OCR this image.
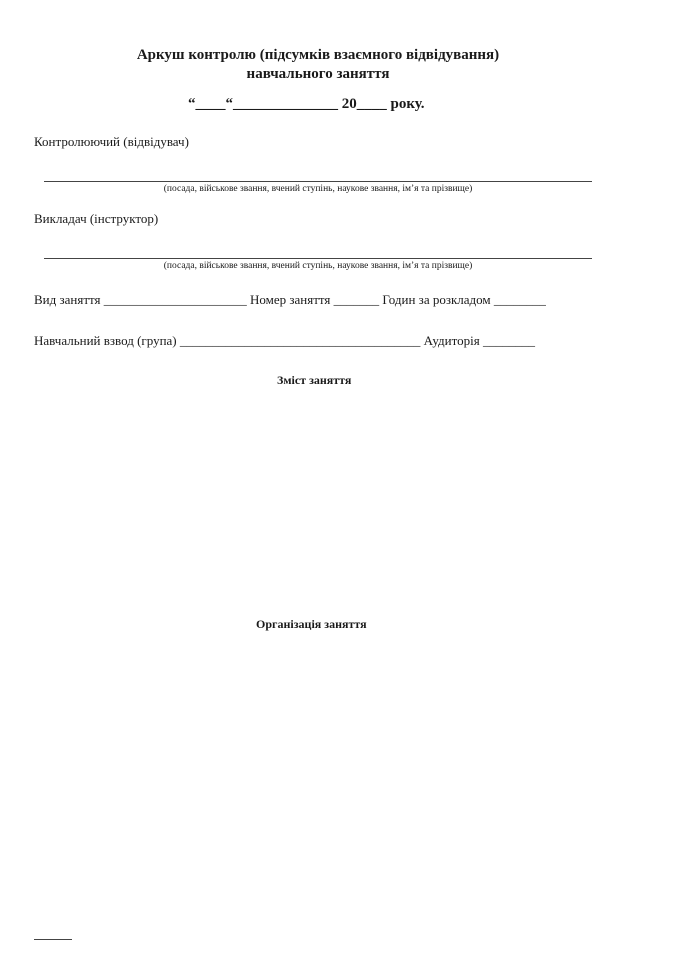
Аркуш контролю (підсумків взаємного відвідування)

навчального заняття

“____“______________ 20____ року.
Контролюючий (відвідувач)
(посада, військове звання, вчений ступінь, наукове звання, ім’я та прізвище)
Викладач (інструктор)
(посада, військове звання, вчений ступінь, наукове звання, ім’я та прізвище)
Вид заняття ______________________ Номер заняття _______ Годин за розкладом ________
Навчальний взвод (група) _____________________________________ Аудиторія ________
Зміст заняття
Організація заняття
